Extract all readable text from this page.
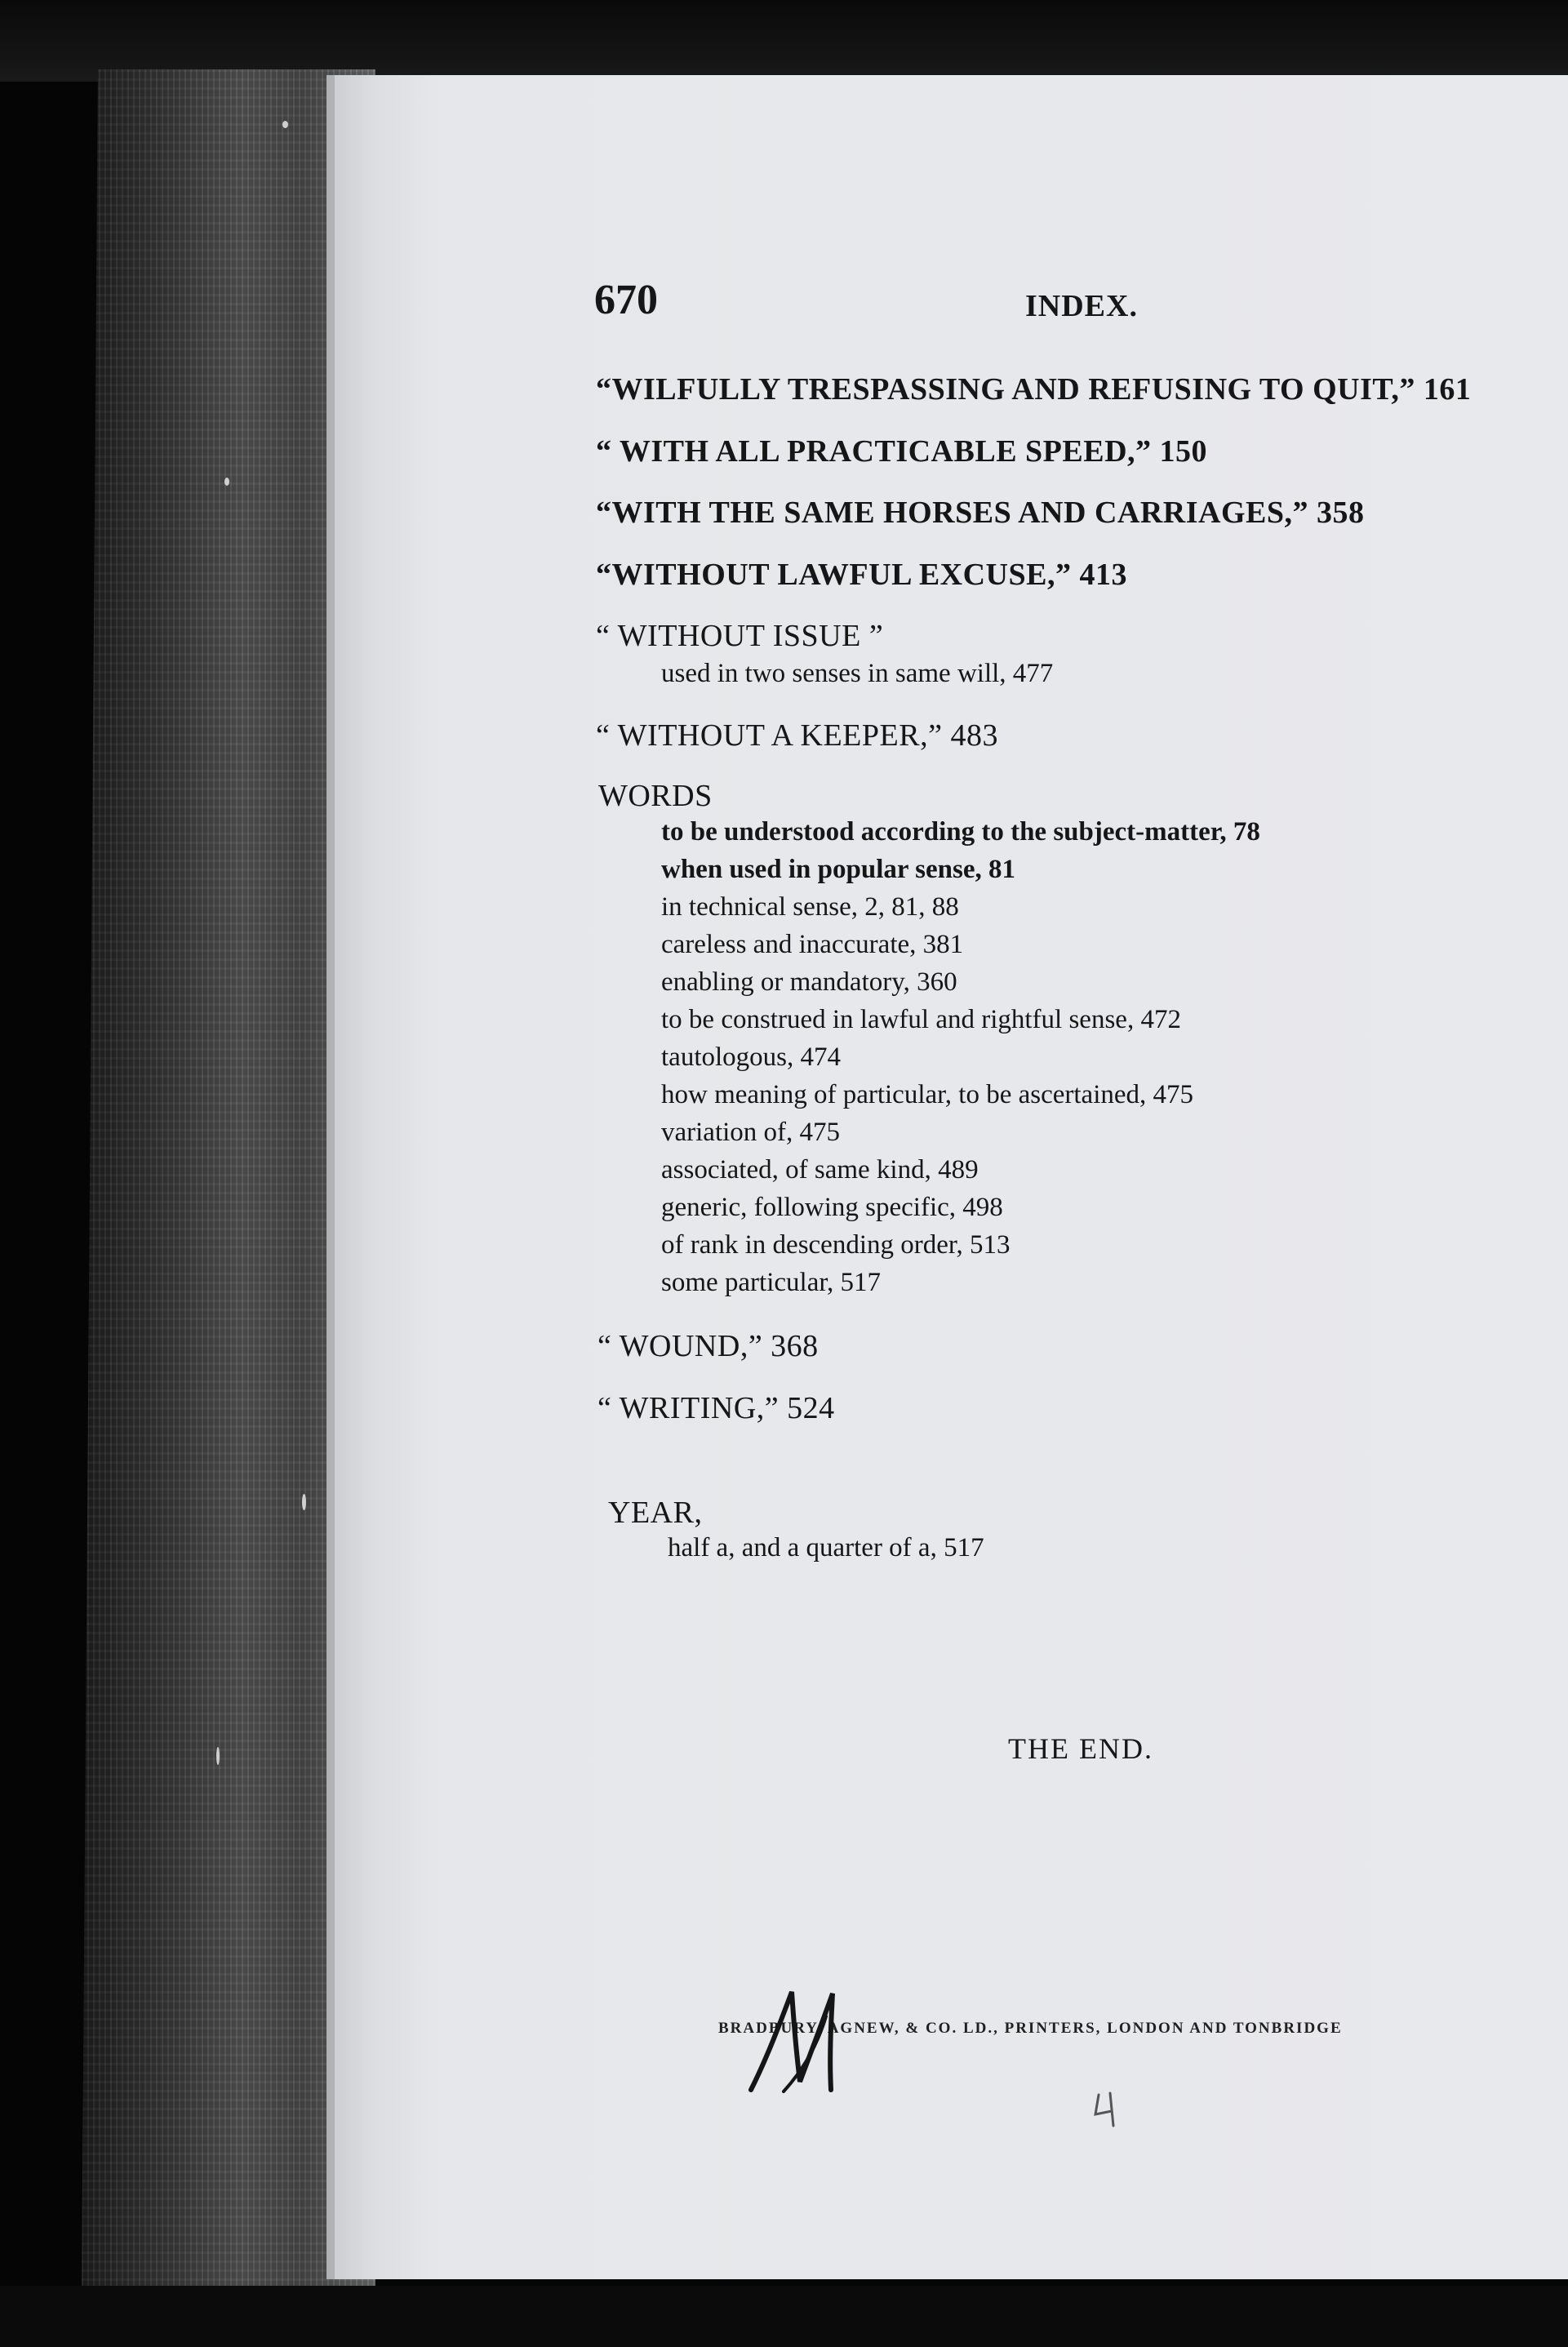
670	INDEX.
“WILFULLY TRESPASSING AND REFUSING TO QUIT,” 161
“ WITH ALL PRACTICABLE SPEED,” 150
“WITH THE SAME HORSES AND CARRIAGES,” 358
“WITHOUT LAWFUL EXCUSE,” 413
“ WITHOUT ISSUE ”
used in two senses in same will, 477
“ WITHOUT A KEEPER,” 483
WORDS
to be understood according to the subject-matter, 78
when used in popular sense, 81
in technical sense, 2, 81, 88
careless and inaccurate, 381
enabling or mandatory, 360
to be construed in lawful and rightful sense, 472
tautologous, 474
how meaning of particular, to be ascertained, 475
variation of, 475
associated, of same kind, 489
generic, following specific, 498
of rank in descending order, 513
some particular, 517
“ WOUND,” 368
“ WRITING,” 524
YEAR,
half a, and a quarter of a, 517
THE END.
BRADBURY, AGNEW, & CO. LD., PRINTERS, LONDON AND TONBRIDGE
